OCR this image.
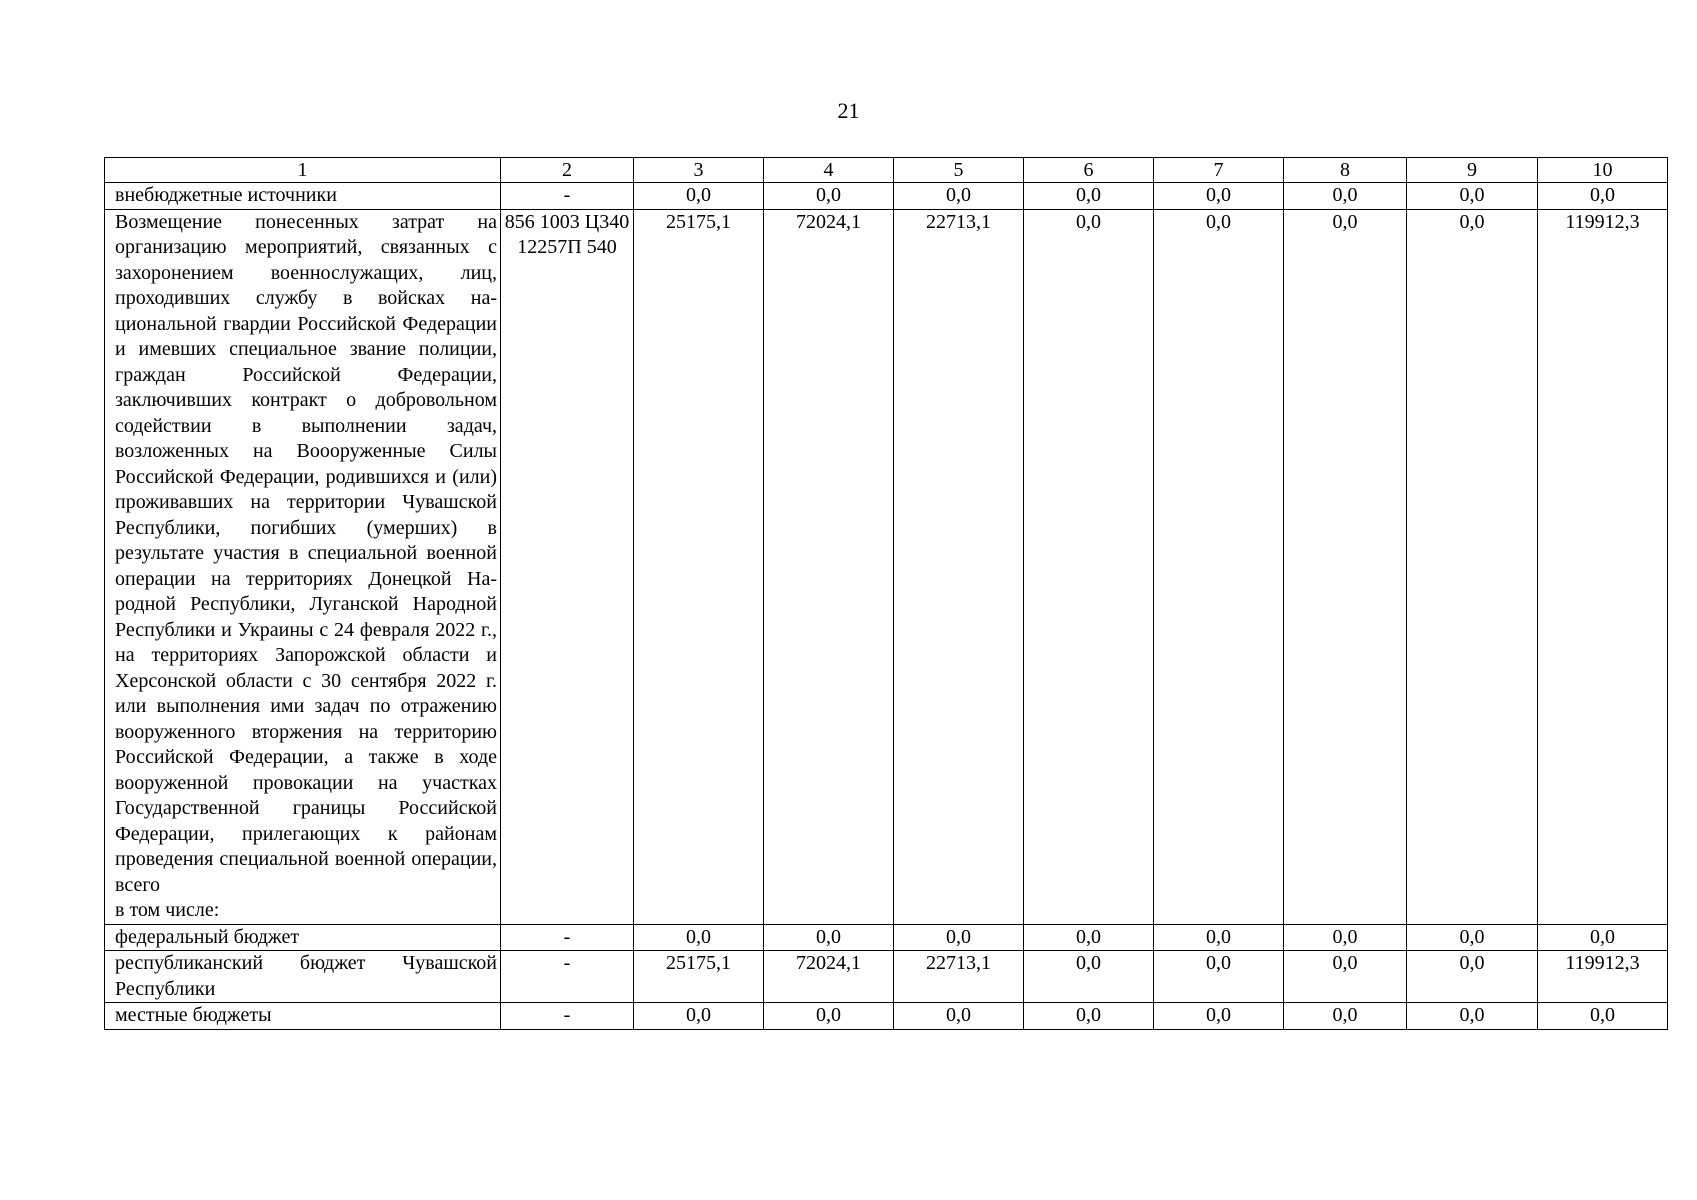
21
1	2	3	4	5	6	7	8	9	10
внебюджетные источники	-	0,0	0,0	0,0	0,0	0,0	0,0	0,0	0,0

Возмещение понесенных затрат на организацию мероприятий, связанных с захоронением военнослужащих, лиц, проходивших службу в войсках национальной гвардии Российской Федерации и имевших специальное звание полиции, граждан Российской Федерации, заключивших контракт о добровольном содействии в выполнении задач, возложенных на Воооруженные Силы Российской Федерации, родившихся и (или) проживавших на территории Чувашской Республики, погибших (умерших) в результате участия в специальной военной операции на территориях Донецкой Народной Республики, Луганской Народной Республики и Украины с 24 февраля 2022 г., на территориях Запорожской области и Херсонской области с 30 сентября 2022 г. или выполнения ими задач по отражению вооруженного вторжения на территорию Российской Федерации, а также в ходе вооруженной провокации на участках Государственной границы Российской Федерации, прилегающих к районам проведения специальной военной операции, всего
в том числе:	856 1003 Ц34012257П 540	25175,1	72024,1	22713,1	0,0	0,0	0,0	0,0	119912,3
федеральный бюджет	-	0,0	0,0	0,0	0,0	0,0	0,0	0,0	0,0
республиканский бюджет Чувашской Республики	-	25175,1	72024,1	22713,1	0,0	0,0	0,0	0,0	119912,3
местные бюджеты	-	0,0	0,0	0,0	0,0	0,0	0,0	0,0	0,0
